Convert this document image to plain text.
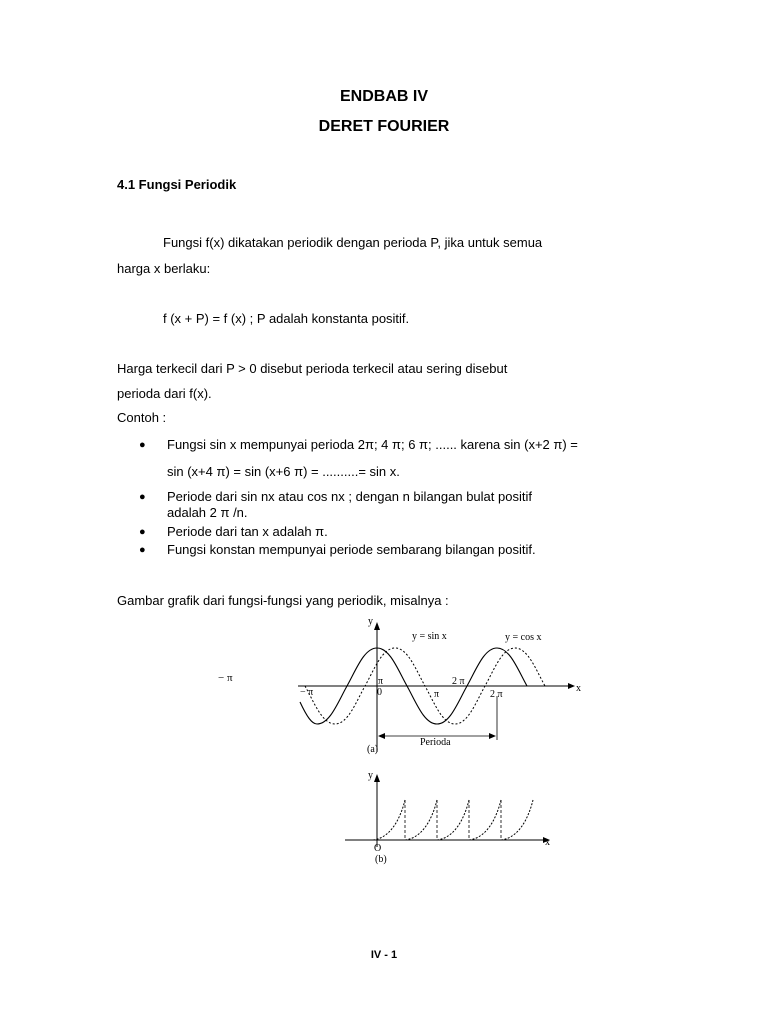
ENDBAB IV
DERET FOURIER
4.1 Fungsi Periodik
Fungsi f(x) dikatakan periodik dengan perioda P, jika untuk semua
harga x berlaku:
f (x + P) = f (x) ; P adalah konstanta positif.
Harga terkecil dari P > 0 disebut perioda terkecil atau sering disebut
perioda dari f(x).
Contoh :
● Fungsi sin x mempunyai perioda 2π; 4 π; 6 π; ...... karena sin (x+2 π) =
sin (x+4 π) = sin (x+6 π) = ..........= sin x.
● Periode dari sin nx atau cos nx ; dengan n bilangan bulat positif
adalah 2 π /n.
● Periode dari tan x adalah π.
● Fungsi konstan mempunyai periode sembarang bilangan positif.
Gambar grafik dari fungsi-fungsi yang periodik, misalnya :
− π
y
x
y = sin x	y = cos x
− π
π
0	π
2 π
2 π
Perioda
(a)
y
x
O
(b)
IV - 1
